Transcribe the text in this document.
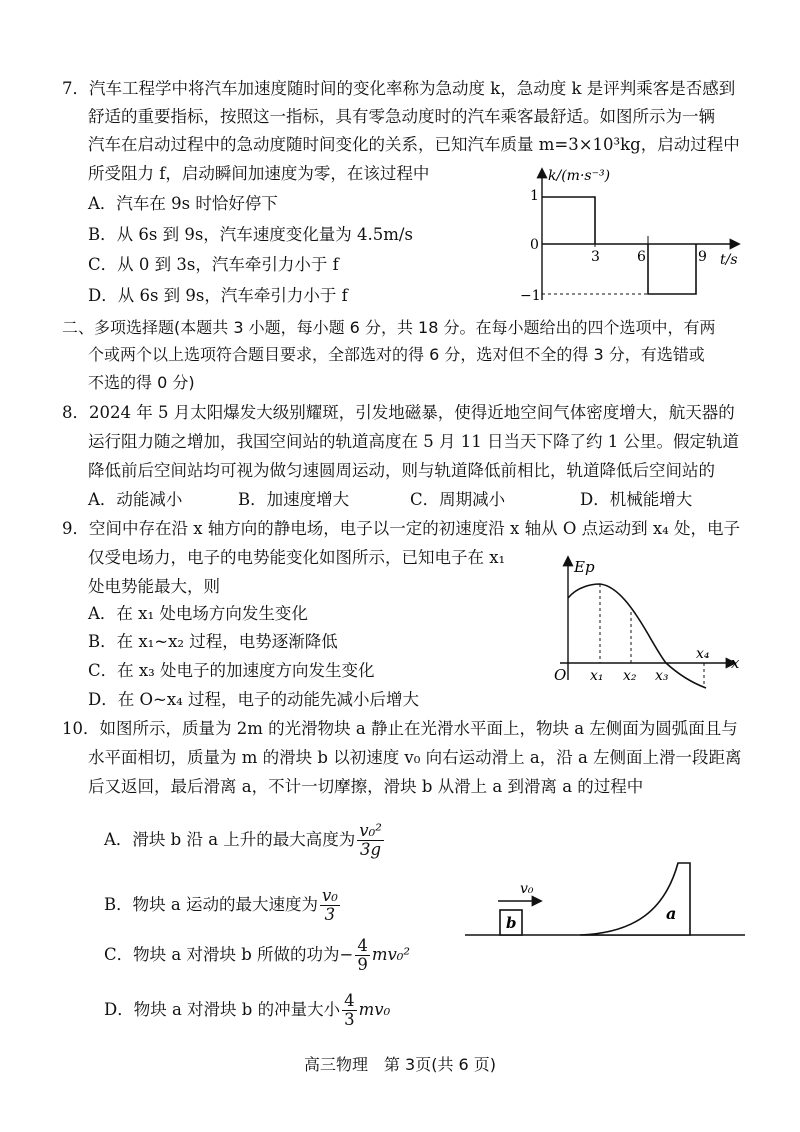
7．汽车工程学中将汽车加速度随时间的变化率称为急动度 k，急动度 k 是评判乘客是否感到
舒适的重要指标，按照这一指标，具有零急动度时的汽车乘客最舒适。如图所示为一辆
汽车在启动过程中的急动度随时间变化的关系，已知汽车质量 m=3×10³kg，启动过程中
所受阻力 f，启动瞬间加速度为零，在该过程中
A．汽车在 9s 时恰好停下
B．从 6s 到 9s，汽车速度变化量为 4.5m/s
C．从 0 到 3s，汽车牵引力小于 f
D．从 6s 到 9s，汽车牵引力小于 f
k/(m·s⁻³)
t/s
1
0
−1
3	6	9
二、多项选择题(本题共 3 小题，每小题 6 分，共 18 分。在每小题给出的四个选项中，有两
个或两个以上选项符合题目要求，全部选对的得 6 分，选对但不全的得 3 分，有选错或
不选的得 0 分)
8．2024 年 5 月太阳爆发大级别耀斑，引发地磁暴，使得近地空间气体密度增大，航天器的
运行阻力随之增加，我国空间站的轨道高度在 5 月 11 日当天下降了约 1 公里。假定轨道
降低前后空间站均可视为做匀速圆周运动，则与轨道降低前相比，轨道降低后空间站的
A．动能减小	B．加速度增大	C．周期减小	D．机械能增大
9．空间中存在沿 x 轴方向的静电场，电子以一定的初速度沿 x 轴从 O 点运动到 x₄ 处，电子
仅受电场力，电子的电势能变化如图所示，已知电子在 x₁
处电势能最大，则
A．在 x₁ 处电场方向发生变化
B．在 x₁~x₂ 过程，电势逐渐降低
C．在 x₃ 处电子的加速度方向发生变化
D．在 O~x₄ 过程，电子的动能先减小后增大
Ep
x
O x₁ x₂ x₃
x₄
10．如图所示，质量为 2m 的光滑物块 a 静止在光滑水平面上，物块 a 左侧面为圆弧面且与
水平面相切，质量为 m 的滑块 b 以初速度 v₀ 向右运动滑上 a，沿 a 左侧面上滑一段距离
后又返回，最后滑离 a，不计一切摩擦，滑块 b 从滑上 a 到滑离 a 的过程中
A．滑块 b 沿 a 上升的最大高度为 $\frac{\text{v₀²}}{3g}$
B．物块 a 运动的最大速度为 $\frac{\text{v₀}}{3}$
C．物块 a 对滑块 b 所做的功为− $\frac{4}{9} mv_0^2$
D．物块 a 对滑块 b 的冲量大小 $\frac{4}{3} mv_0$
b
v₀
a
高三物理　第 3页(共 6 页)
